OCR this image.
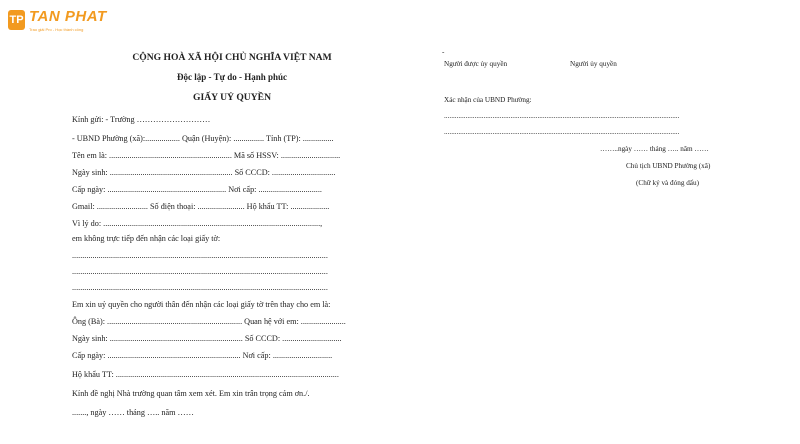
TP TAN PHAT
Trao giải Pro - Học thành công
CỘNG HOÀ XÃ HỘI CHỦ NGHĨA VIỆT NAM
Độc lập - Tự do - Hạnh phúc
GIẤY UỶ QUYỀN
Kính gửi: - Trường ………………………
- UBND Phường (xã):................. Quận (Huyện): ............... Tỉnh (TP): ...............
Tên em là: ............................................................ Mã số HSSV: .............................
Ngày sinh: ............................................................ Số CCCD: ...............................
Cấp ngày: .......................................................... Nơi cấp: ...............................
Gmail: ......................... Số điện thoại: ....................... Hộ khẩu TT: ...................
Vì lý do: ..........................................................................................................,
em không trực tiếp đến nhận các loại giấy tờ:
.............................................................................................................................
.............................................................................................................................
.............................................................................................................................
Em xin uỷ quyền cho người thân đến nhận các loại giấy tờ trên thay cho em là:
Ông (Bà): .................................................................. Quan hệ với em: ......................
Ngày sinh: ................................................................. Số CCCD: .............................
Cấp ngày: ................................................................. Nơi cấp: .............................
Hộ khẩu TT: .............................................................................................................
Kính đề nghị Nhà trường quan tâm xem xét. Em xin trân trọng cảm ơn./.
......., ngày …… tháng ….. năm ……
-
Người được ủy quyền	Người ủy quyền
Xác nhận của UBND Phường:
...................................................................................................................................
...................................................................................................................................
……..ngày …… tháng ….. năm ……
Chủ tịch UBND Phường (xã)
(Chữ ký và đóng dấu)
